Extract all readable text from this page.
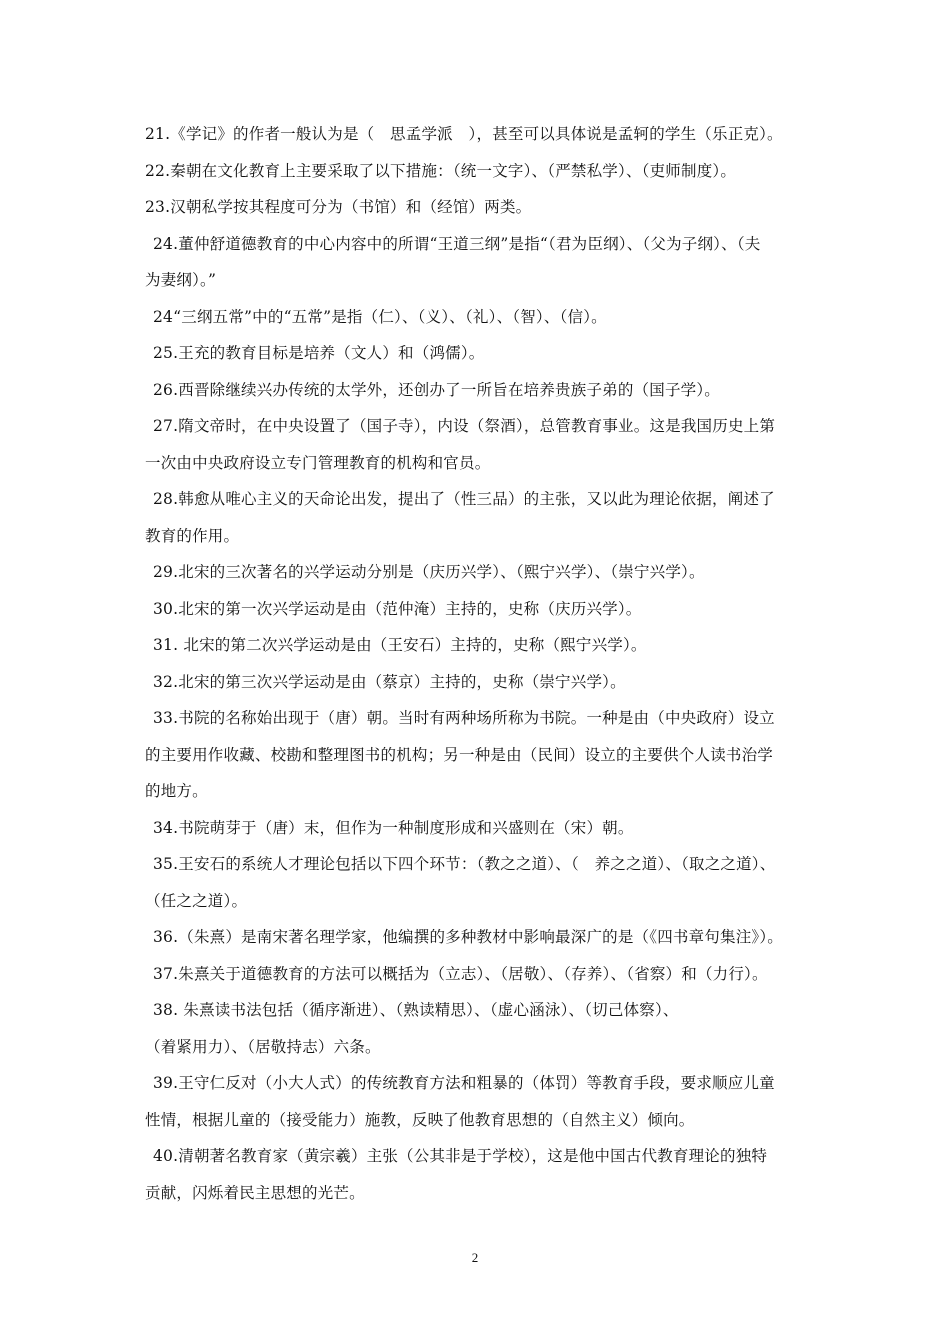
21.《学记》的作者一般认为是（　思孟学派　），甚至可以具体说是孟轲的学生（乐正克）。

22.秦朝在文化教育上主要采取了以下措施：（统一文字）、（严禁私学）、（吏师制度）。

23.汉朝私学按其程度可分为（书馆）和（经馆）两类。

24.董仲舒道德教育的中心内容中的所谓“王道三纲”是指“（君为臣纲）、（父为子纲）、（夫
为妻纲）。”

24“三纲五常”中的“五常”是指（仁）、（义）、（礼）、（智）、（信）。

25.王充的教育目标是培养（文人）和（鸿儒）。

26.西晋除继续兴办传统的太学外，还创办了一所旨在培养贵族子弟的（国子学）。

27.隋文帝时，在中央设置了（国子寺），内设（祭酒），总管教育事业。这是我国历史上第
一次由中央政府设立专门管理教育的机构和官员。

28.韩愈从唯心主义的天命论出发，提出了（性三品）的主张，又以此为理论依据，阐述了
教育的作用。

29.北宋的三次著名的兴学运动分别是（庆历兴学）、（熙宁兴学）、（崇宁兴学）。

30.北宋的第一次兴学运动是由（范仲淹）主持的，史称（庆历兴学）。

31. 北宋的第二次兴学运动是由（王安石）主持的，史称（熙宁兴学）。

32.北宋的第三次兴学运动是由（蔡京）主持的，史称（崇宁兴学）。

33.书院的名称始出现于（唐）朝。当时有两种场所称为书院。一种是由（中央政府）设立
的主要用作收藏、校勘和整理图书的机构；另一种是由（民间）设立的主要供个人读书治学
的地方。

34.书院萌芽于（唐）末，但作为一种制度形成和兴盛则在（宋）朝。

35.王安石的系统人才理论包括以下四个环节：（教之之道）、（　养之之道）、（取之之道）、
（任之之道）。

36.（朱熹）是南宋著名理学家，他编撰的多种教材中影响最深广的是（《四书章句集注》）。

37.朱熹关于道德教育的方法可以概括为（立志）、（居敬）、（存养）、（省察）和（力行）。

38. 朱熹读书法包括（循序渐进）、（熟读精思）、（虚心涵泳）、（切己体察）、
（着紧用力）、（居敬持志）六条。

39.王守仁反对（小大人式）的传统教育方法和粗暴的（体罚）等教育手段，要求顺应儿童
性情，根据儿童的（接受能力）施教，反映了他教育思想的（自然主义）倾向。

40.清朝著名教育家（黄宗羲）主张（公其非是于学校），这是他中国古代教育理论的独特
贡献，闪烁着民主思想的光芒。

2
